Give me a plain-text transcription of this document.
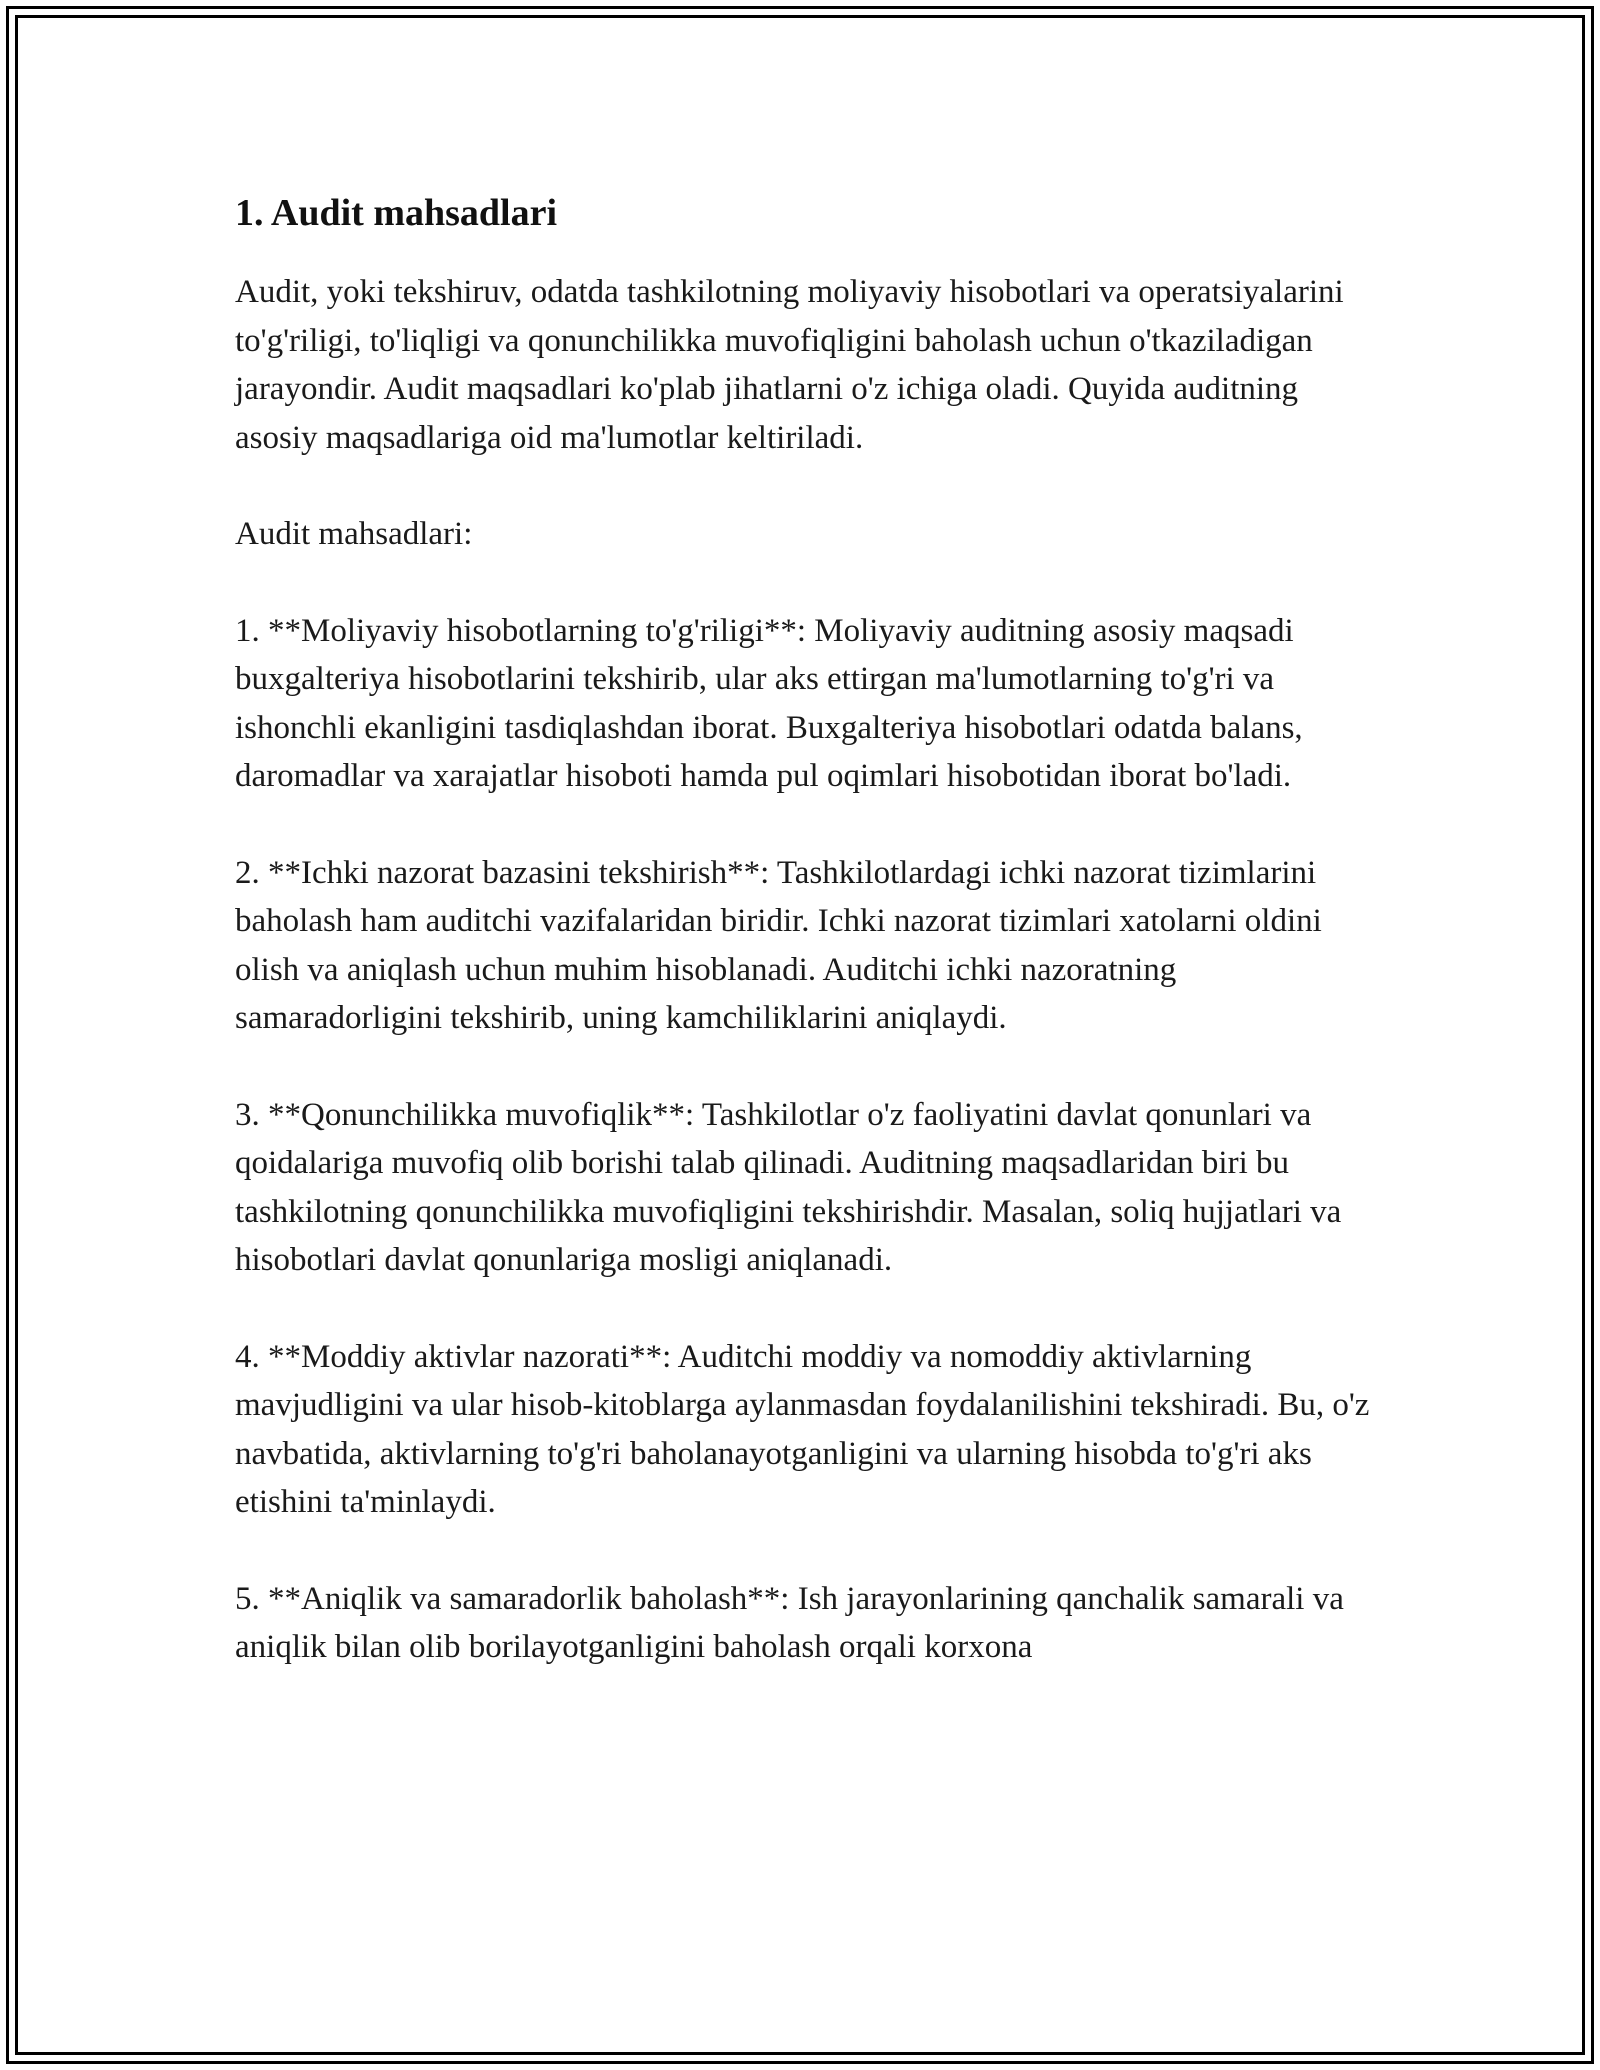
1. Audit mahsadlari

Audit, yoki tekshiruv, odatda tashkilotning moliyaviy hisobotlari va operatsiyalarini to'g'riligi, to'liqligi va qonunchilikka muvofiqligini baholash uchun o'tkaziladigan jarayondir. Audit maqsadlari ko'plab jihatlarni o'z ichiga oladi. Quyida auditning asosiy maqsadlariga oid ma'lumotlar keltiriladi.

Audit mahsadlari:

1. **Moliyaviy hisobotlarning to'g'riligi**: Moliyaviy auditning asosiy maqsadi buxgalteriya hisobotlarini tekshirib, ular aks ettirgan ma'lumotlarning to'g'ri va ishonchli ekanligini tasdiqlashdan iborat. Buxgalteriya hisobotlari odatda balans, daromadlar va xarajatlar hisoboti hamda pul oqimlari hisobotidan iborat bo'ladi.

2. **Ichki nazorat bazasini tekshirish**: Tashkilotlardagi ichki nazorat tizimlarini baholash ham auditchi vazifalaridan biridir. Ichki nazorat tizimlari xatolarni oldini olish va aniqlash uchun muhim hisoblanadi. Auditchi ichki nazoratning samaradorligini tekshirib, uning kamchiliklarini aniqlaydi.

3. **Qonunchilikka muvofiqlik**: Tashkilotlar o'z faoliyatini davlat qonunlari va qoidalariga muvofiq olib borishi talab qilinadi. Auditning maqsadlaridan biri bu tashkilotning qonunchilikka muvofiqligini tekshirishdir. Masalan, soliq hujjatlari va hisobotlari davlat qonunlariga mosligi aniqlanadi.

4. **Moddiy aktivlar nazorati**: Auditchi moddiy va nomoddiy aktivlarning mavjudligini va ular hisob-kitoblarga aylanmasdan foydalanilishini tekshiradi. Bu, o'z navbatida, aktivlarning to'g'ri baholanayotganligini va ularning hisobda to'g'ri aks etishini ta'minlaydi.

5. **Aniqlik va samaradorlik baholash**: Ish jarayonlarining qanchalik samarali va aniqlik bilan olib borilayotganligini baholash orqali korxona
